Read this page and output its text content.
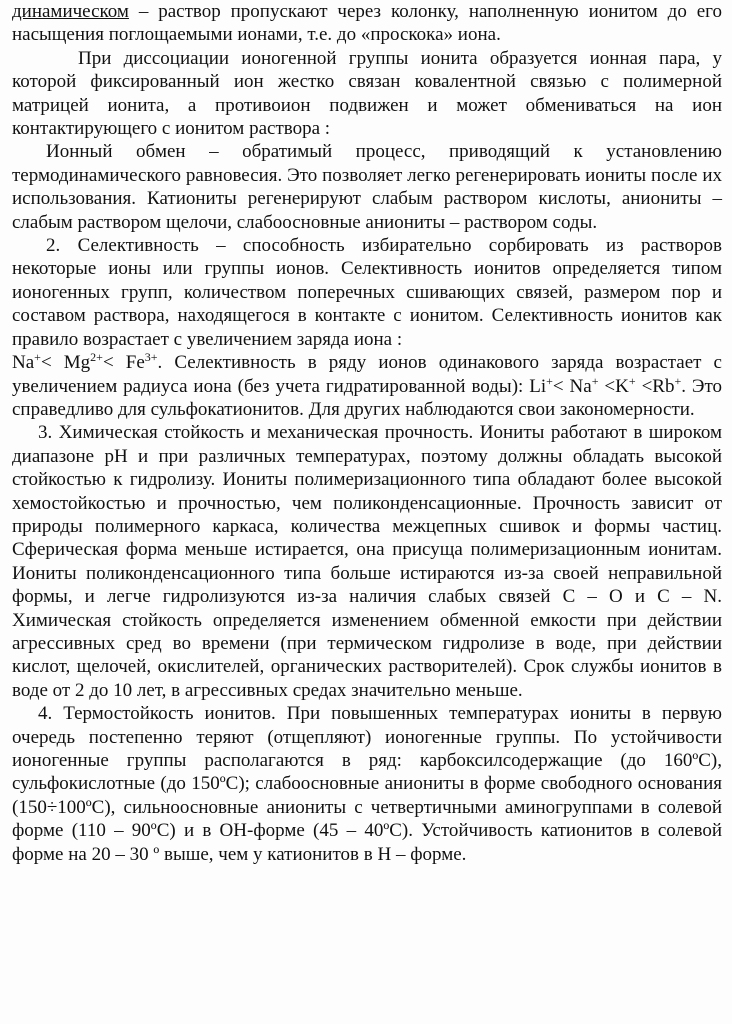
динамическом – раствор пропускают через колонку, наполненную ионитом до его насыщения поглощаемыми ионами, т.е. до «проскока» иона.

При диссоциации ионогенной группы ионита образуется ионная пара, у которой фиксированный ион жестко связан ковалентной связью с полимерной матрицей ионита, а противоион подвижен и может обмениваться на ион контактирующего с ионитом раствора :

Ионный обмен – обратимый процесс, приводящий к установлению термодинамического равновесия. Это позволяет легко регенерировать иониты после их использования. Катиониты регенерируют слабым раствором кислоты, аниониты – слабым раствором щелочи, слабоосновные аниониты – раствором соды.

2. Селективность – способность избирательно сорбировать из растворов некоторые ионы или группы ионов. Селективность ионитов определяется типом ионогенных групп, количеством поперечных сшивающих связей, размером пор и составом раствора, находящегося в контакте с ионитом. Селективность ионитов как правило возрастает с увеличением заряда иона :
$Na^+< Mg^{2+}< Fe^{3+}$. Селективность в ряду ионов одинакового заряда возрастает с увеличением радиуса иона (без учета гидратированной воды): Li+< Na+ <K+ <Rb+. Это справедливо для сульфокатионитов. Для других наблюдаются свои закономерности.

3. Химическая стойкость и механическая прочность. Иониты работают в широком диапазоне pH и при различных температурах, поэтому должны обладать высокой стойкостью к гидролизу. Иониты полимеризационного типа обладают более высокой хемостойкостью и прочностью, чем поликонденсационные. Прочность зависит от природы полимерного каркаса, количества межцепных сшивок и формы частиц. Сферическая форма меньше истирается, она присуща полимеризационным ионитам. Иониты поликонденсационного типа больше истираются из-за своей неправильной формы, и легче гидролизуются из-за наличия слабых связей C – O и C – N. Химическая стойкость определяется изменением обменной емкости при действии агрессивных сред во времени (при термическом гидролизе в воде, при действии кислот, щелочей, окислителей, органических растворителей). Срок службы ионитов в воде от 2 до 10 лет, в агрессивных средах значительно меньше.

4. Термостойкость ионитов. При повышенных температурах иониты в первую очередь постепенно теряют (отщепляют) ионогенные группы. По устойчивости ионогенные группы располагаются в ряд: карбоксилсодержащие (до 160ºC), сульфокислотные (до 150ºC); слабоосновные аниониты в форме свободного основания (150÷100ºC), сильноосновные аниониты с четвертичными аминогруппами в солевой форме (110 – 90ºC) и в OH-форме (45 – 40ºC). Устойчивость катионитов в солевой форме на 20 – 30 º выше, чем у катионитов в H – форме.
